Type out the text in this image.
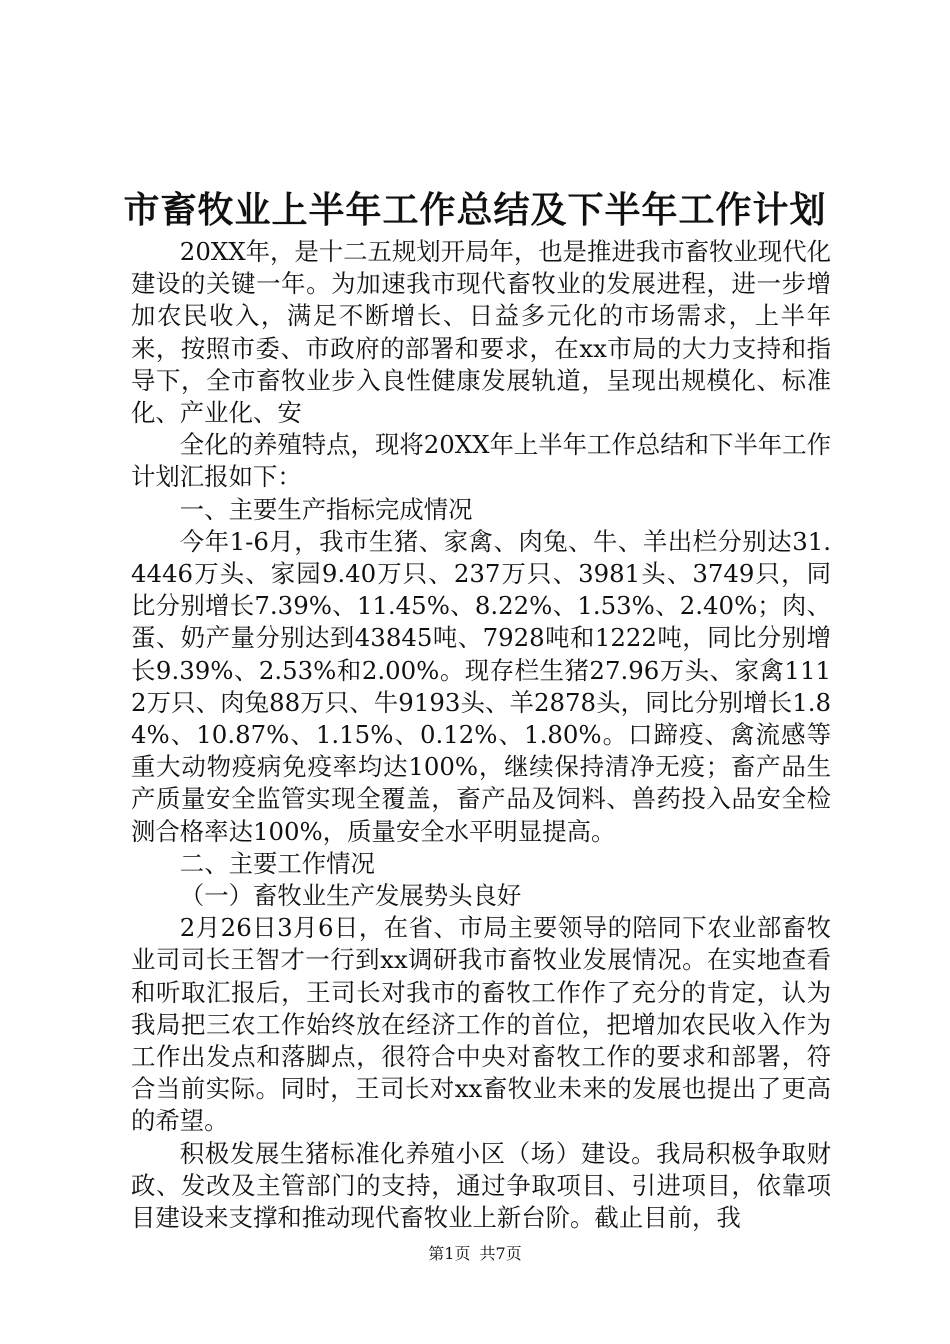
市畜牧业上半年工作总结及下半年工作计划

20XX年，是十二五规划开局年，也是推进我市畜牧业现代化建设的关键一年。为加速我市现代畜牧业的发展进程，进一步增加农民收入，满足不断增长、日益多元化的市场需求，上半年来，按照市委、市政府的部署和要求，在xx市局的大力支持和指导下，全市畜牧业步入良性健康发展轨道，呈现出规模化、标准化、产业化、安

全化的养殖特点，现将20XX年上半年工作总结和下半年工作计划汇报如下：

一、主要生产指标完成情况

今年1-6月，我市生猪、家禽、肉兔、牛、羊出栏分别达31.4446万头、家园9.40万只、237万只、3981头、3749只，同比分别增长7.39%、11.45%、8.22%、1.53%、2.40%；肉、蛋、奶产量分别达到43845吨、7928吨和1222吨，同比分别增长9.39%、2.53%和2.00%。现存栏生猪27.96万头、家禽1112万只、肉兔88万只、牛9193头、羊2878头，同比分别增长1.84%、10.87%、1.15%、0.12%、1.80%。口蹄疫、禽流感等重大动物疫病免疫率均达100%，继续保持清净无疫；畜产品生产质量安全监管实现全覆盖，畜产品及饲料、兽药投入品安全检测合格率达100%，质量安全水平明显提高。

二、主要工作情况

（一）畜牧业生产发展势头良好

2月26日3月6日，在省、市局主要领导的陪同下农业部畜牧业司司长王智才一行到xx调研我市畜牧业发展情况。在实地查看和听取汇报后，王司长对我市的畜牧工作作了充分的肯定，认为我局把三农工作始终放在经济工作的首位，把增加农民收入作为工作出发点和落脚点，很符合中央对畜牧工作的要求和部署，符合当前实际。同时，王司长对xx畜牧业未来的发展也提出了更高的希望。

积极发展生猪标准化养殖小区（场）建设。我局积极争取财政、发改及主管部门的支持，通过争取项目、引进项目，依靠项目建设来支撑和推动现代畜牧业上新台阶。截止目前，我

第1页 共7页
